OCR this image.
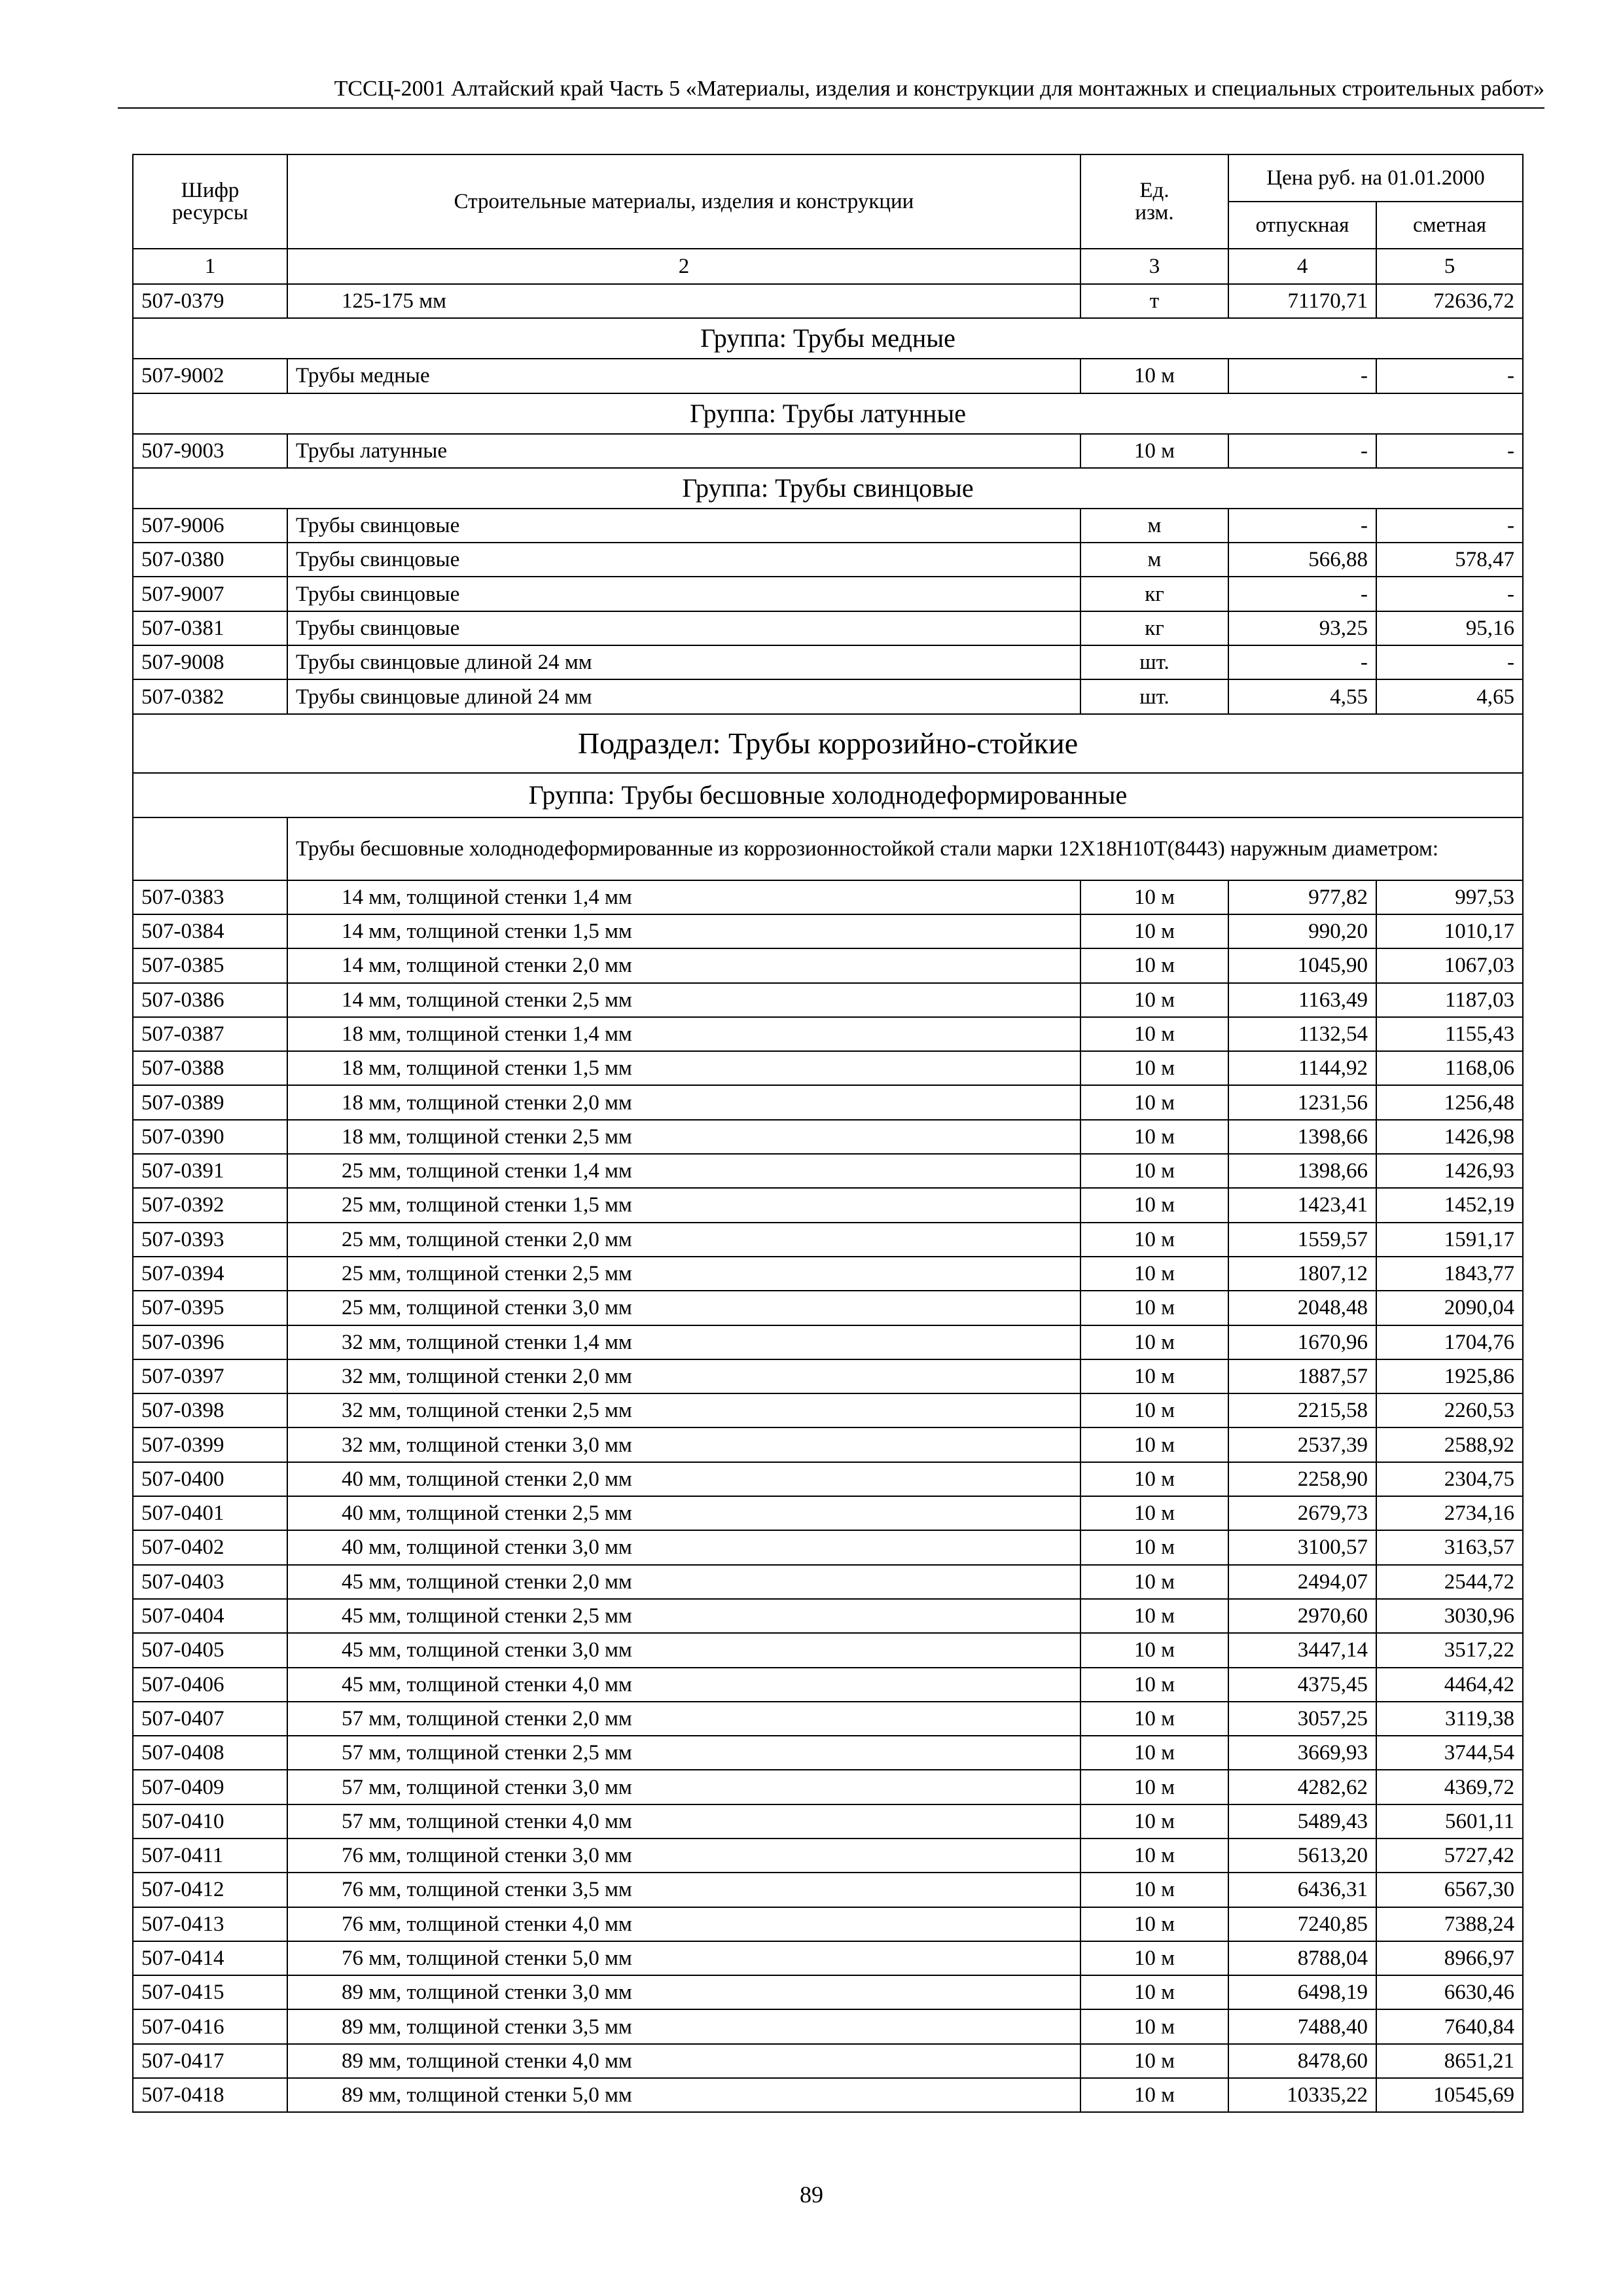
ТССЦ-2001 Алтайский край Часть 5 «Материалы, изделия и конструкции для монтажных и специальных строительных работ»
Шифр ресурсы	Строительные материалы, изделия и конструкции	Ед. изм.	Цена руб. на 01.01.2000	
			отпускная	сметная
1	2	3	4	5
507-0379	125-175 мм	т	71170,71	72636,72
Группа: Трубы медные				
507-9002	Трубы медные	10 м	-	-
Группа: Трубы латунные				
507-9003	Трубы латунные	10 м	-	-
Группа: Трубы свинцовые				
507-9006	Трубы свинцовые	м	-	-
507-0380	Трубы свинцовые	м	566,88	578,47
507-9007	Трубы свинцовые	кг	-	-
507-0381	Трубы свинцовые	кг	93,25	95,16
507-9008	Трубы свинцовые длиной 24 мм	шт.	-	-
507-0382	Трубы свинцовые длиной 24 мм	шт.	4,55	4,65
Подраздел: Трубы коррозийно-стойкие				
Группа: Трубы бесшовные холоднодеформированные				
	Трубы бесшовные холоднодеформированные из коррозионностойкой стали марки 12Х18Н10Т(8443) наружным диаметром:			
507-0383	14 мм, толщиной стенки 1,4 мм	10 м	977,82	997,53
507-0384	14 мм, толщиной стенки 1,5 мм	10 м	990,20	1010,17
507-0385	14 мм, толщиной стенки 2,0 мм	10 м	1045,90	1067,03
507-0386	14 мм, толщиной стенки 2,5 мм	10 м	1163,49	1187,03
507-0387	18 мм, толщиной стенки 1,4 мм	10 м	1132,54	1155,43
507-0388	18 мм, толщиной стенки 1,5 мм	10 м	1144,92	1168,06
507-0389	18 мм, толщиной стенки 2,0 мм	10 м	1231,56	1256,48
507-0390	18 мм, толщиной стенки 2,5 мм	10 м	1398,66	1426,98
507-0391	25 мм, толщиной стенки 1,4 мм	10 м	1398,66	1426,93
507-0392	25 мм, толщиной стенки 1,5 мм	10 м	1423,41	1452,19
507-0393	25 мм, толщиной стенки 2,0 мм	10 м	1559,57	1591,17
507-0394	25 мм, толщиной стенки 2,5 мм	10 м	1807,12	1843,77
507-0395	25 мм, толщиной стенки 3,0 мм	10 м	2048,48	2090,04
507-0396	32 мм, толщиной стенки 1,4 мм	10 м	1670,96	1704,76
507-0397	32 мм, толщиной стенки 2,0 мм	10 м	1887,57	1925,86
507-0398	32 мм, толщиной стенки 2,5 мм	10 м	2215,58	2260,53
507-0399	32 мм, толщиной стенки 3,0 мм	10 м	2537,39	2588,92
507-0400	40 мм, толщиной стенки 2,0 мм	10 м	2258,90	2304,75
507-0401	40 мм, толщиной стенки 2,5 мм	10 м	2679,73	2734,16
507-0402	40 мм, толщиной стенки 3,0 мм	10 м	3100,57	3163,57
507-0403	45 мм, толщиной стенки 2,0 мм	10 м	2494,07	2544,72
507-0404	45 мм, толщиной стенки 2,5 мм	10 м	2970,60	3030,96
507-0405	45 мм, толщиной стенки 3,0 мм	10 м	3447,14	3517,22
507-0406	45 мм, толщиной стенки 4,0 мм	10 м	4375,45	4464,42
507-0407	57 мм, толщиной стенки 2,0 мм	10 м	3057,25	3119,38
507-0408	57 мм, толщиной стенки 2,5 мм	10 м	3669,93	3744,54
507-0409	57 мм, толщиной стенки 3,0 мм	10 м	4282,62	4369,72
507-0410	57 мм, толщиной стенки 4,0 мм	10 м	5489,43	5601,11
507-0411	76 мм, толщиной стенки 3,0 мм	10 м	5613,20	5727,42
507-0412	76 мм, толщиной стенки 3,5 мм	10 м	6436,31	6567,30
507-0413	76 мм, толщиной стенки 4,0 мм	10 м	7240,85	7388,24
507-0414	76 мм, толщиной стенки 5,0 мм	10 м	8788,04	8966,97
507-0415	89 мм, толщиной стенки 3,0 мм	10 м	6498,19	6630,46
507-0416	89 мм, толщиной стенки 3,5 мм	10 м	7488,40	7640,84
507-0417	89 мм, толщиной стенки 4,0 мм	10 м	8478,60	8651,21
507-0418	89 мм, толщиной стенки 5,0 мм	10 м	10335,22	10545,69
89
